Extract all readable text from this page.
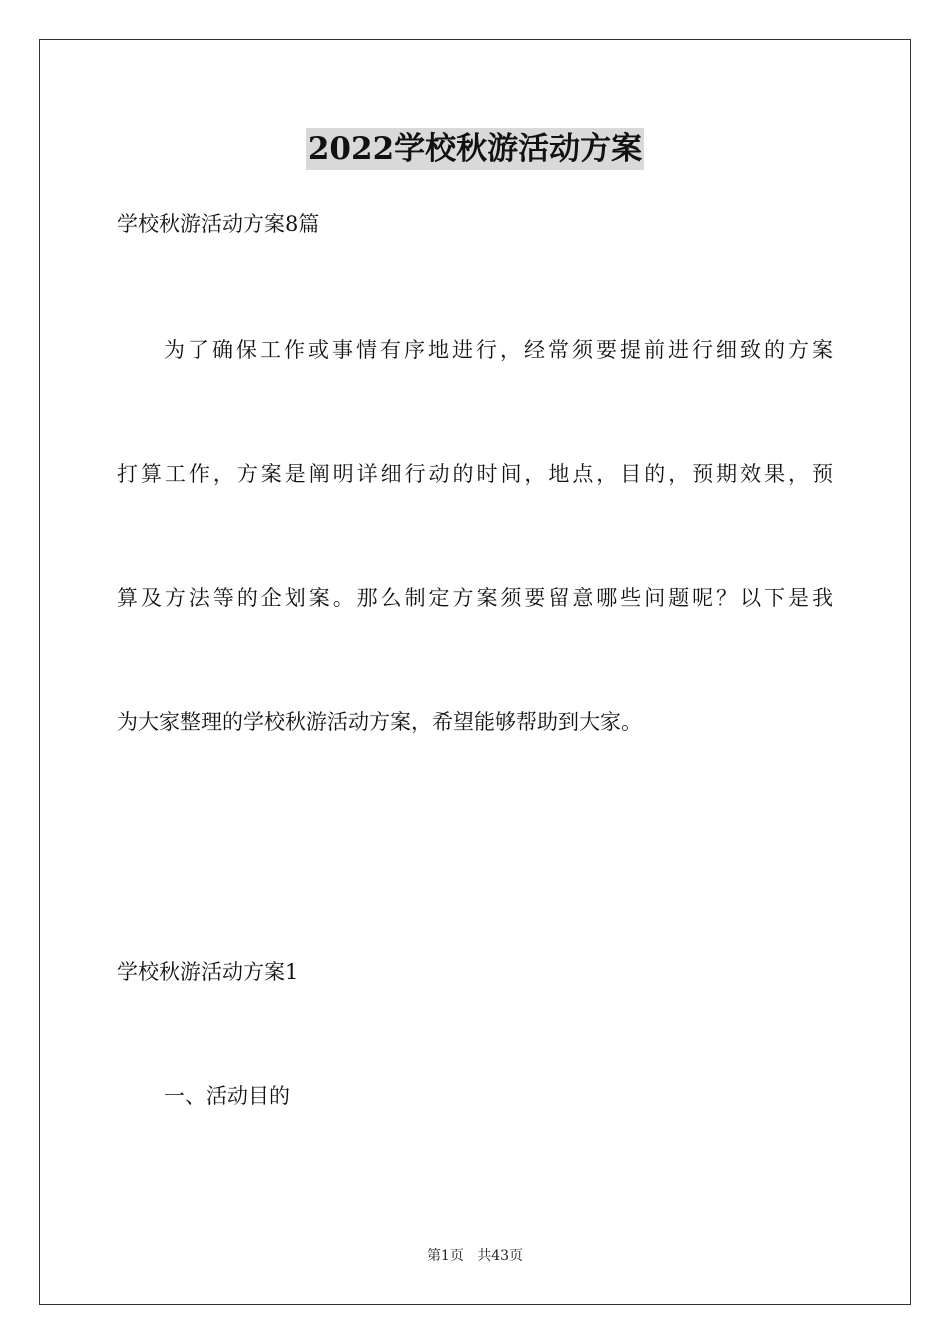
2022学校秋游活动方案

学校秋游活动方案8篇

为了确保工作或事情有序地进行，经常须要提前进行细致的方案

打算工作，方案是阐明详细行动的时间，地点，目的，预期效果，预

算及方法等的企划案。那么制定方案须要留意哪些问题呢？以下是我

为大家整理的学校秋游活动方案，希望能够帮助到大家。

学校秋游活动方案1

一、活动目的

第1页 共43页
